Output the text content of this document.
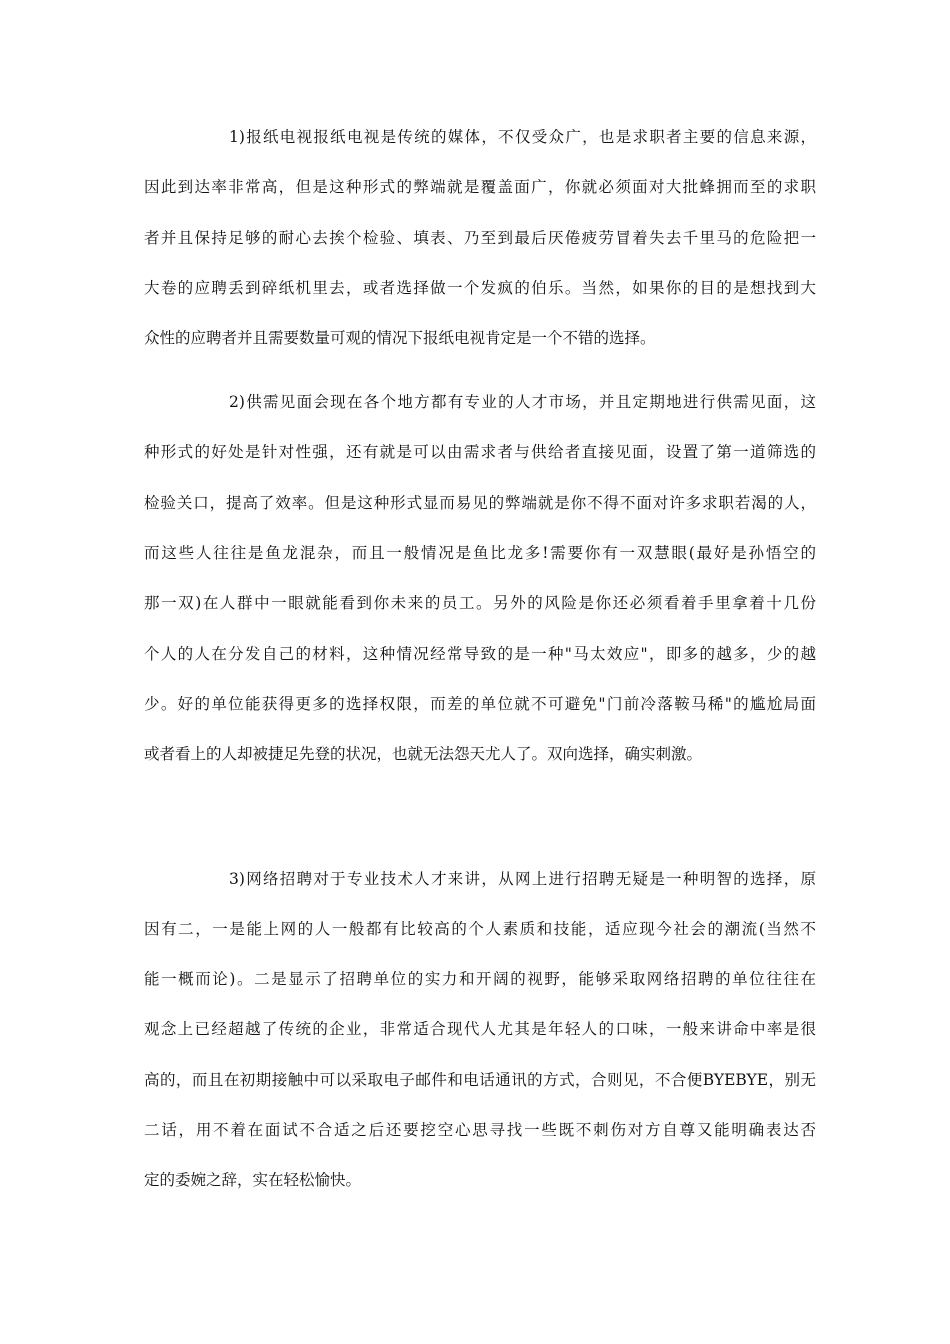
1)报纸电视报纸电视是传统的媒体，不仅受众广，也是求职者主要的信息来源，
因此到达率非常高，但是这种形式的弊端就是覆盖面广，你就必须面对大批蜂拥而至的求职
者并且保持足够的耐心去挨个检验、填表、乃至到最后厌倦疲劳冒着失去千里马的危险把一
大卷的应聘丢到碎纸机里去，或者选择做一个发疯的伯乐。当然，如果你的目的是想找到大
众性的应聘者并且需要数量可观的情况下报纸电视肯定是一个不错的选择。
2)供需见面会现在各个地方都有专业的人才市场，并且定期地进行供需见面，这
种形式的好处是针对性强，还有就是可以由需求者与供给者直接见面，设置了第一道筛选的
检验关口，提高了效率。但是这种形式显而易见的弊端就是你不得不面对许多求职若渴的人，
而这些人往往是鱼龙混杂，而且一般情况是鱼比龙多!需要你有一双慧眼(最好是孙悟空的
那一双)在人群中一眼就能看到你未来的员工。另外的风险是你还必须看着手里拿着十几份
个人的人在分发自己的材料，这种情况经常导致的是一种"马太效应"，即多的越多，少的越
少。好的单位能获得更多的选择权限，而差的单位就不可避免"门前冷落鞍马稀"的尴尬局面
或者看上的人却被捷足先登的状况，也就无法怨天尤人了。双向选择，确实刺激。
3)网络招聘对于专业技术人才来讲，从网上进行招聘无疑是一种明智的选择，原
因有二，一是能上网的人一般都有比较高的个人素质和技能，适应现今社会的潮流(当然不
能一概而论)。二是显示了招聘单位的实力和开阔的视野，能够采取网络招聘的单位往往在
观念上已经超越了传统的企业，非常适合现代人尤其是年轻人的口味，一般来讲命中率是很
高的，而且在初期接触中可以采取电子邮件和电话通讯的方式，合则见，不合便BYEBYE，别无
二话，用不着在面试不合适之后还要挖空心思寻找一些既不刺伤对方自尊又能明确表达否
定的委婉之辞，实在轻松愉快。
